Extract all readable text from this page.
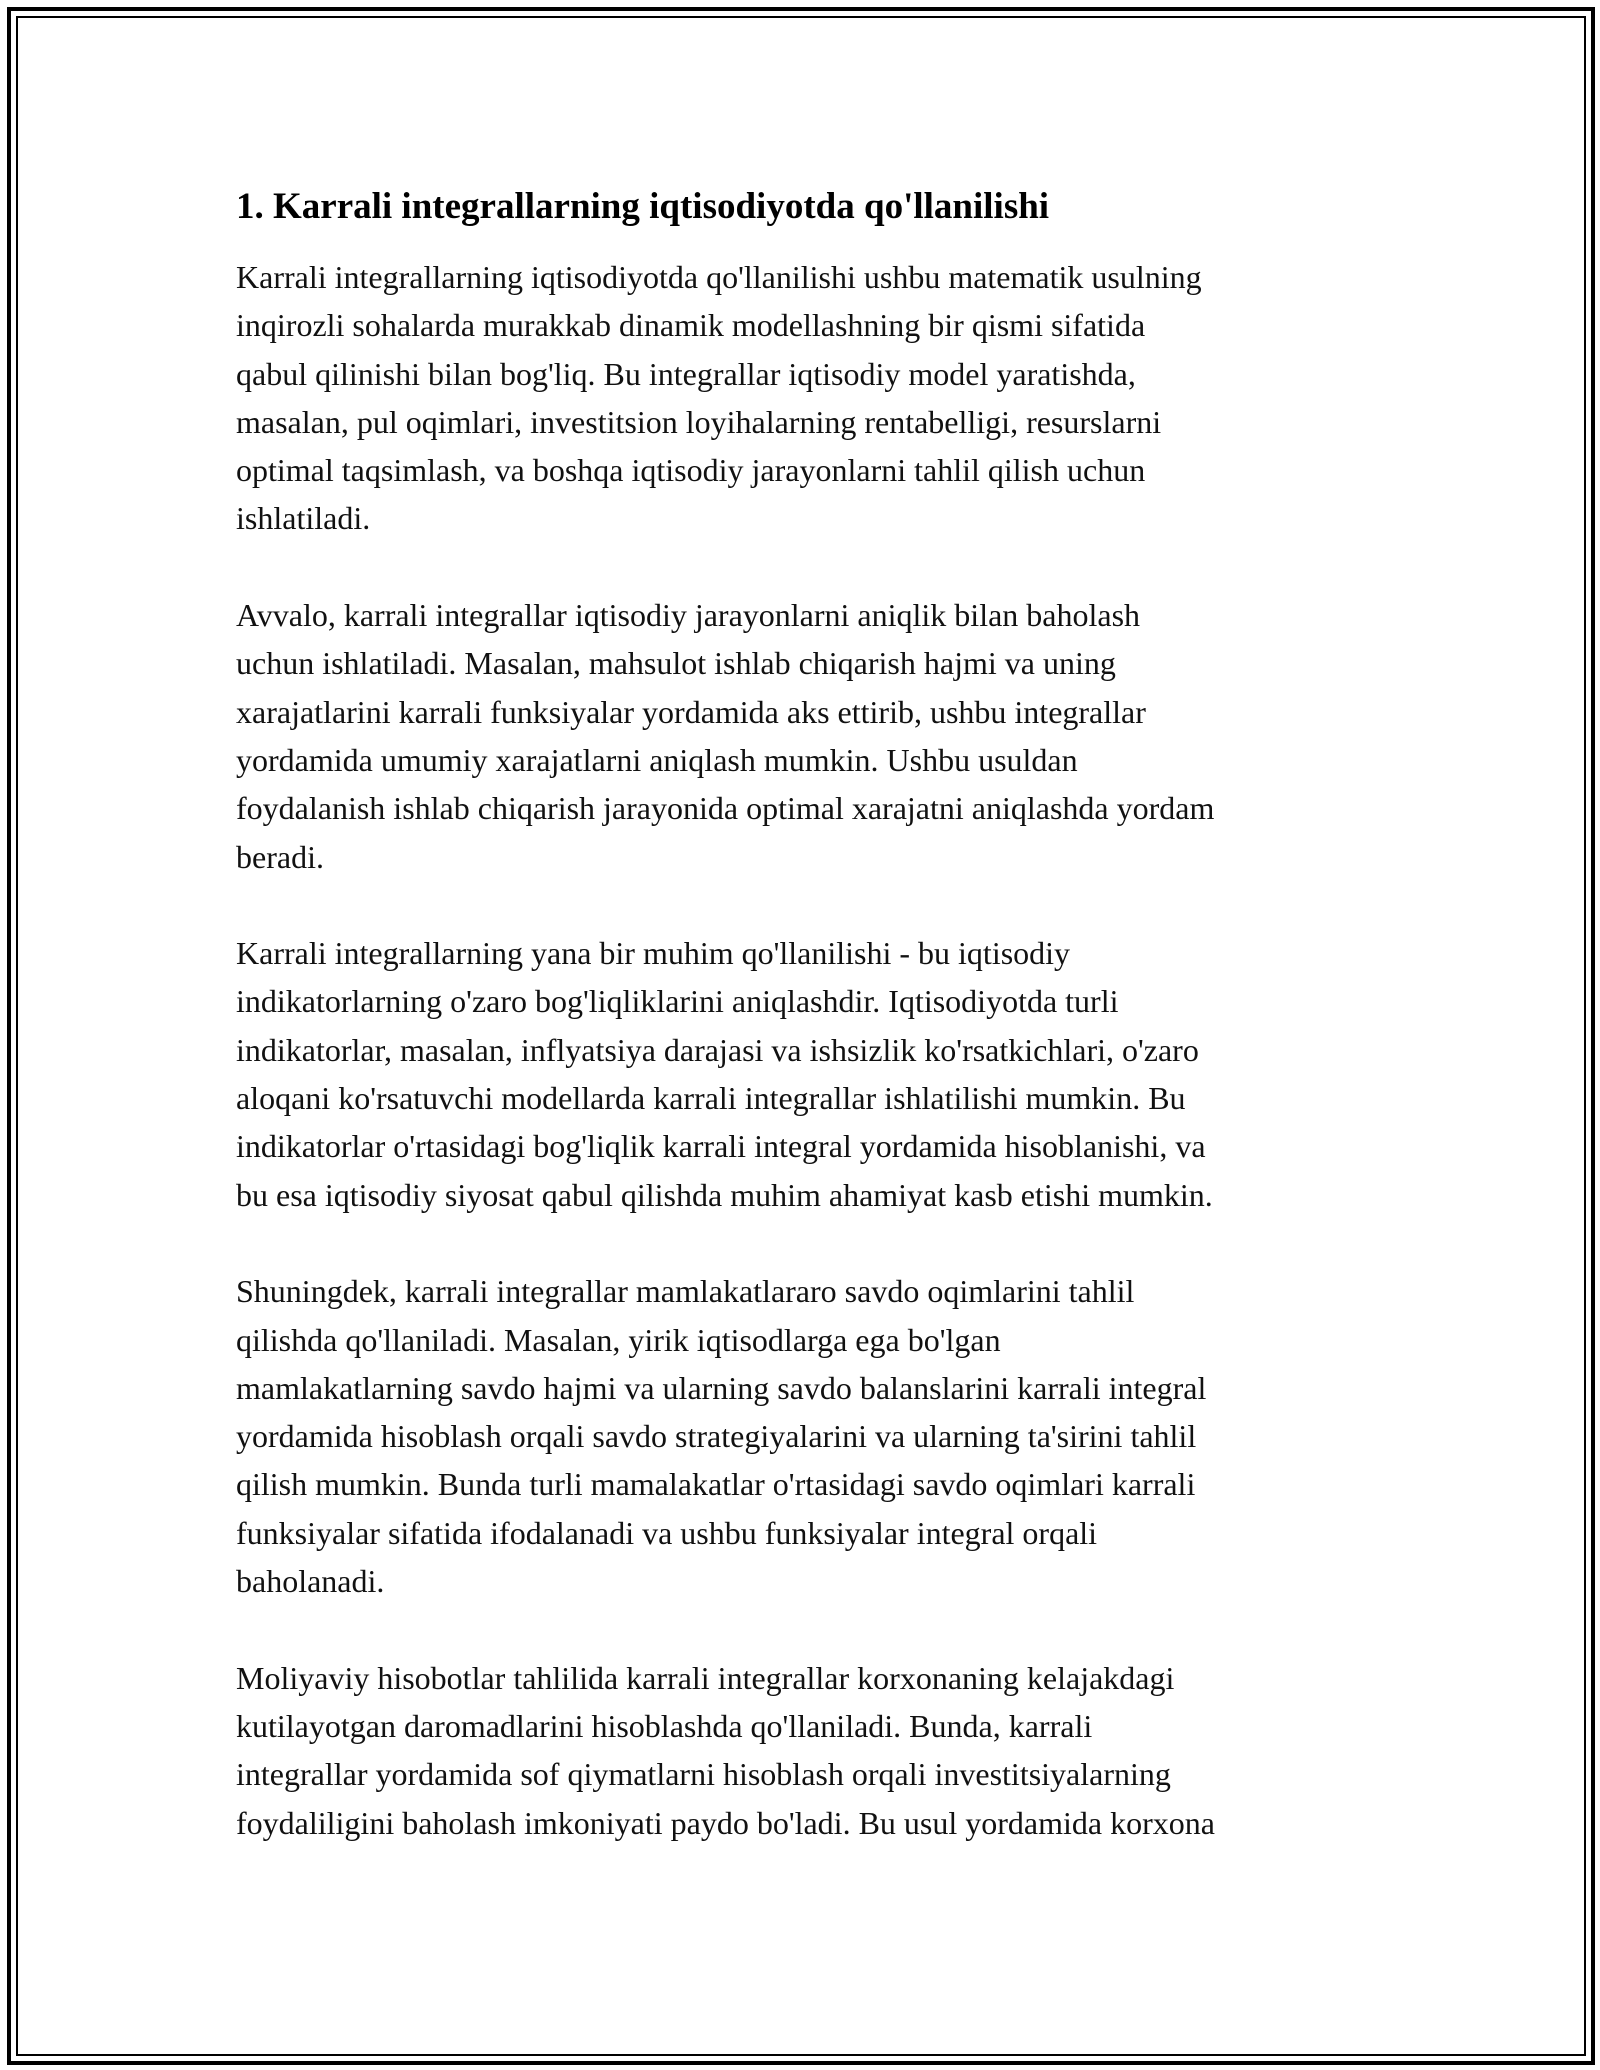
1. Karrali integrallarning iqtisodiyotda qo'llanilishi

Karrali integrallarning iqtisodiyotda qo'llanilishi ushbu matematik usulning
inqirozli sohalarda murakkab dinamik modellashning bir qismi sifatida
qabul qilinishi bilan bog'liq. Bu integrallar iqtisodiy model yaratishda,
masalan, pul oqimlari, investitsion loyihalarning rentabelligi, resurslarni
optimal taqsimlash, va boshqa iqtisodiy jarayonlarni tahlil qilish uchun
ishlatiladi.

Avvalo, karrali integrallar iqtisodiy jarayonlarni aniqlik bilan baholash
uchun ishlatiladi. Masalan, mahsulot ishlab chiqarish hajmi va uning
xarajatlarini karrali funksiyalar yordamida aks ettirib, ushbu integrallar
yordamida umumiy xarajatlarni aniqlash mumkin. Ushbu usuldan
foydalanish ishlab chiqarish jarayonida optimal xarajatni aniqlashda yordam
beradi.

Karrali integrallarning yana bir muhim qo'llanilishi - bu iqtisodiy
indikatorlarning o'zaro bog'liqliklarini aniqlashdir. Iqtisodiyotda turli
indikatorlar, masalan, inflyatsiya darajasi va ishsizlik ko'rsatkichlari, o'zaro
aloqani ko'rsatuvchi modellarda karrali integrallar ishlatilishi mumkin. Bu
indikatorlar o'rtasidagi bog'liqlik karrali integral yordamida hisoblanishi, va
bu esa iqtisodiy siyosat qabul qilishda muhim ahamiyat kasb etishi mumkin.

Shuningdek, karrali integrallar mamlakatlararo savdo oqimlarini tahlil
qilishda qo'llaniladi. Masalan, yirik iqtisodlarga ega bo'lgan
mamlakatlarning savdo hajmi va ularning savdo balanslarini karrali integral
yordamida hisoblash orqali savdo strategiyalarini va ularning ta'sirini tahlil
qilish mumkin. Bunda turli mamalakatlar o'rtasidagi savdo oqimlari karrali
funksiyalar sifatida ifodalanadi va ushbu funksiyalar integral orqali
baholanadi.

Moliyaviy hisobotlar tahlilida karrali integrallar korxonaning kelajakdagi
kutilayotgan daromadlarini hisoblashda qo'llaniladi. Bunda, karrali
integrallar yordamida sof qiymatlarni hisoblash orqali investitsiyalarning
foydaliligini baholash imkoniyati paydo bo'ladi. Bu usul yordamida korxona
